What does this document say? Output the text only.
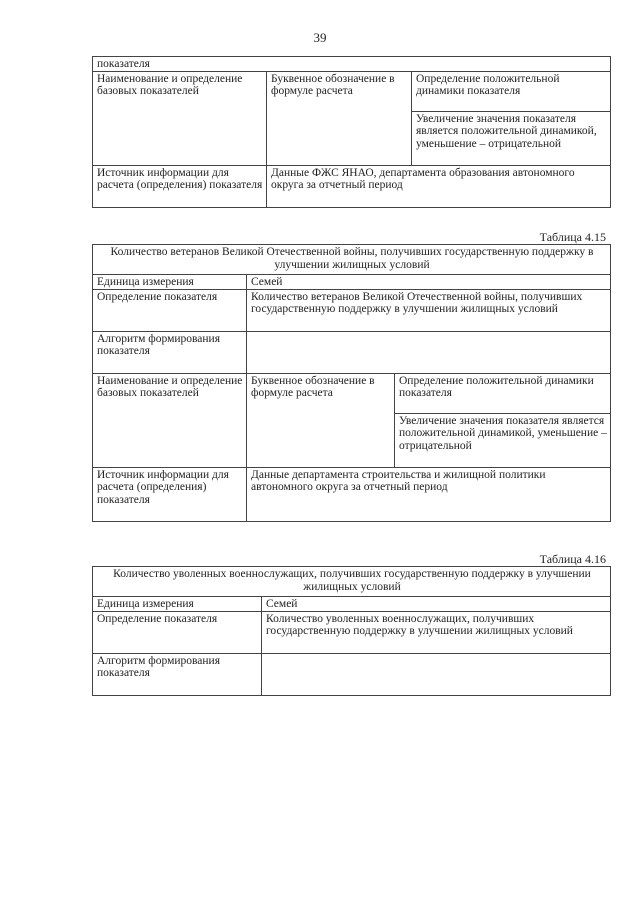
39
показателя		
Наименование и определение базовых показателей	Буквенное обозначение в формуле расчета	Определение положительной динамики показателя
		Увеличение значения показателя является положительной динамикой, уменьшение – отрицательной
Источник информации для расчета (определения) показателя	Данные ФЖС ЯНАО, департамента образования автономного округа за отчетный период	
Таблица 4.15
Количество ветеранов Великой Отечественной войны, получивших государственную поддержку в улучшении жилищных условий		
Единица измерения	Семей	
Определение показателя	Количество ветеранов Великой Отечественной войны, получивших государственную поддержку в улучшении жилищных условий	
Алгоритм формирования показателя		
Наименование и определение базовых показателей	Буквенное обозначение в формуле расчета	Определение положительной динамики показателя
		Увеличение значения показателя является положительной динамикой, уменьшение – отрицательной
Источник информации для расчета (определения) показателя	Данные департамента строительства и жилищной политики автономного округа за отчетный период	
Таблица 4.16
Количество уволенных военнослужащих, получивших государственную поддержку в улучшении жилищных условий	
Единица измерения	Семей
Определение показателя	Количество уволенных военнослужащих, получивших государственную поддержку в улучшении жилищных условий
Алгоритм формирования показателя	
